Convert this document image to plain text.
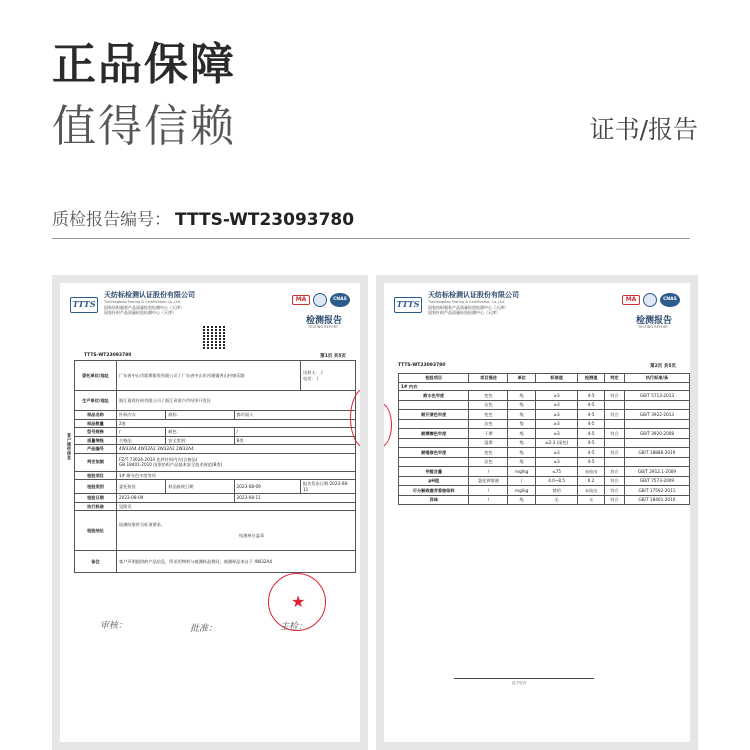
正品保障
值得信赖	证书/报告
质检报告编号： TTTS-WT23093780
TTTS
天纺标检测认证股份有限公司
Tianfangbiao Testing & Certification Co.,Ltd.
国家纺织服装产品质量检验检测中心（天津）
国家针织产品质量检验检测中心（天津）
MA	CNAS
检测报告
TESTING REPORT
TTTS-WT23093780	第1页 共5页
客户提供信息
委托单位/地址	广东省中山市敦斯服装有限公司 / 广东省中山市沙溪镇秀山村康乐路			送样人： /
电话： /
生产单位/地址	浙江嘉欣针织有限公司 / 浙江省嘉兴市经济开发区			
样品名称	针织内衣	商标：	都市丽人	
样品数量	2套			
型号规格	/	颜色：	/	
质量等级	合格品	安全类别：	B类	
产品编号	4W32A4 4W32A2 3W32A2 2W32A4			
判定依据	FZ/T 73024-2014 化纤针织内衣(合格品)
GB 18401-2010 国家纺织产品基本安全技术规范(B类)			
检验项目	1# 耐光色牢度等项			
检验类别	委托检验	样品接收日期	2023-08-09	报告发布日期 2023-08-11
检验日期	2023-08-09		2023-08-11	
执行标准	见附页			
检验结论	检测结果符合标准要求。

检测单位盖章			
备注	客户声明提供的产品信息，所采用物料与被测样品相同，被测样品来自于 4W32A4			
★
审核：	批准：	主检：
TTTS
天纺标检测认证股份有限公司
Tianfangbiao Testing & Certification Co.,Ltd.
国家纺织服装产品质量检验检测中心（天津）
国家针织产品质量检验检测中心（天津）
MA	CNAS
检测报告
TESTING REPORT
TTTS-WT23093780	第2页 共5页
检验项目	项目描述	单位	标准值	检测值	判定	执行标准/条
1# 内衣						
耐水色牢度	变色	级	≥3	4-5	符合	GB/T 5713-2013
	沾色	级	≥3	4-5		
耐汗渍色牢度	变色	级	≥3	4-5	符合	GB/T 3922-2013
	沾色	级	≥3	4-5		
耐摩擦色牢度	干摩	级	≥3	4-5	符合	GB/T 3920-2008
	湿摩	级	≥2-3 (深色)	4-5		
耐唾液色牢度	变色	级	≥3	4-5	符合	GB/T 18886-2019
	沾色	级	≥3	4-5		
甲醛含量	/	mg/kg	≤75	未检出	符合	GB/T 2912.1-2009
pH值	氯化钾溶液	/	4.0~8.5	6.2	符合	GB/T 7573-2009
可分解致癌芳香胺染料	/	mg/kg	禁用	未检出	符合	GB/T 17592-2011
异味	/	级	无	无	符合	GB/T 18401-2010
以下空白
